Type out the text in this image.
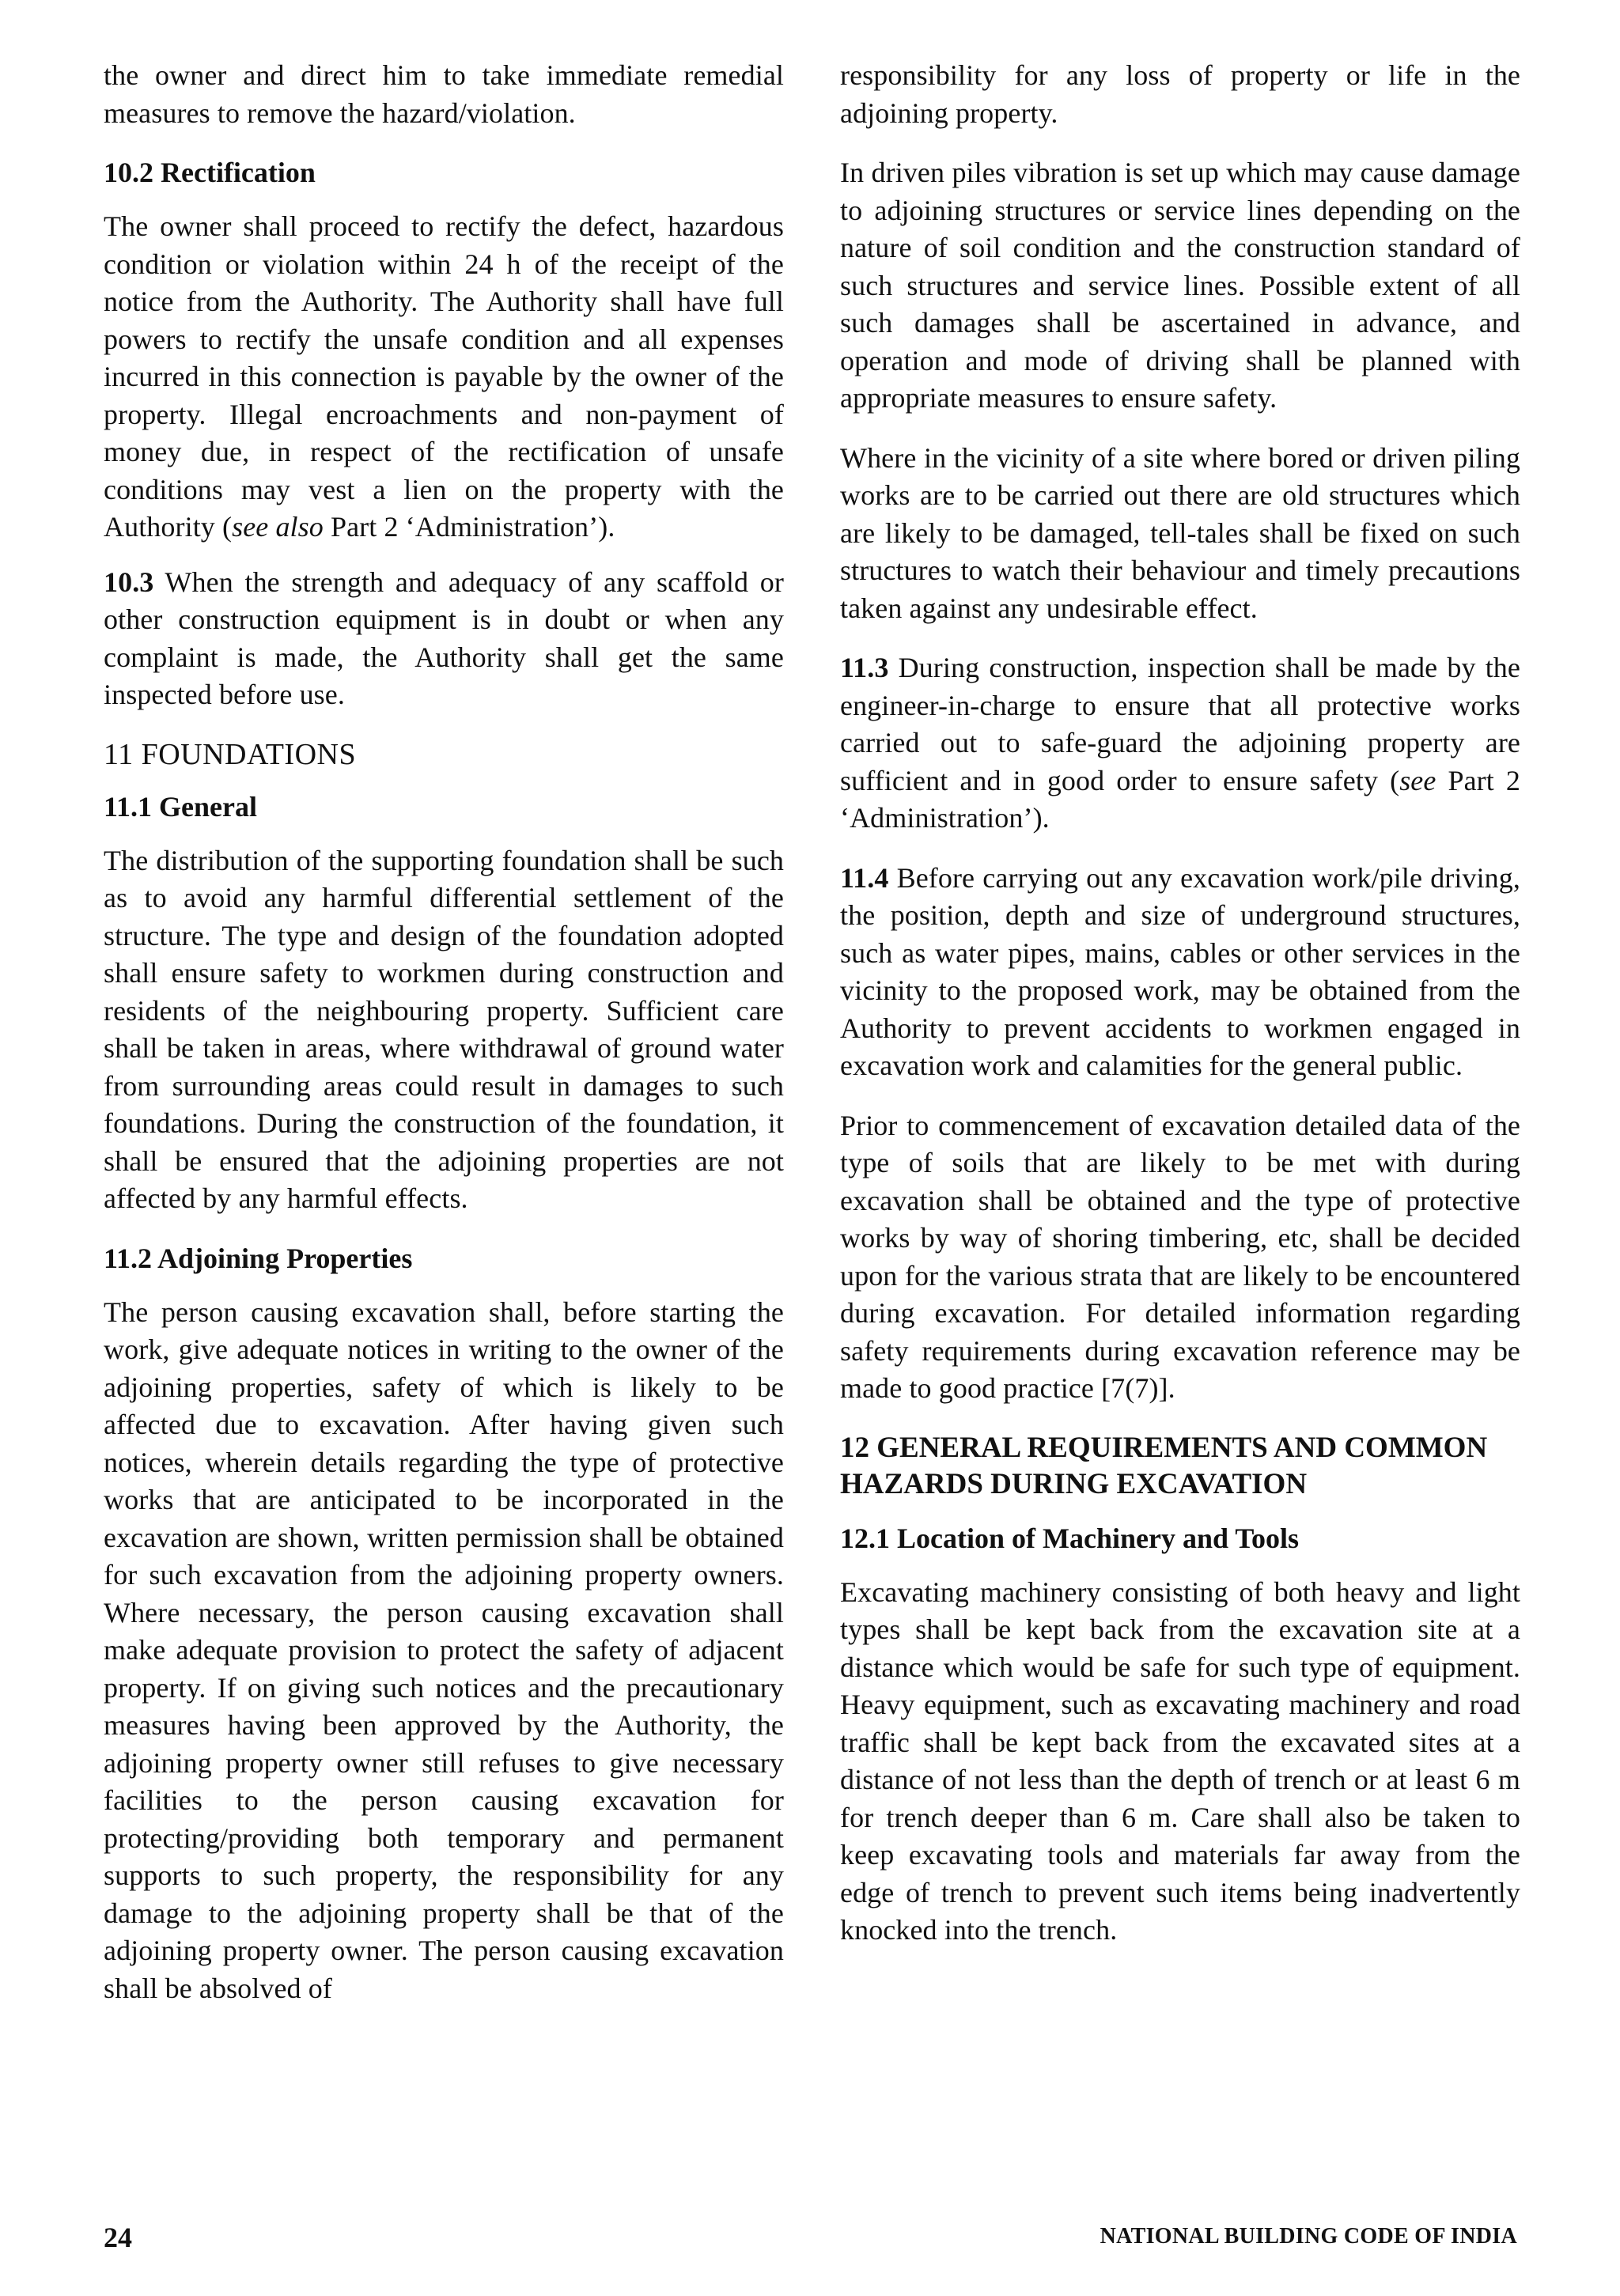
the owner and direct him to take immediate remedial measures to remove the hazard/violation.

10.2 Rectification

The owner shall proceed to rectify the defect, hazardous condition or violation within 24 h of the receipt of the notice from the Authority. The Authority shall have full powers to rectify the unsafe condition and all expenses incurred in this connection is payable by the owner of the property. Illegal encroachments and non-payment of money due, in respect of the rectification of unsafe conditions may vest a lien on the property with the Authority (see also Part 2 ‘Administration’).

10.3 When the strength and adequacy of any scaffold or other construction equipment is in doubt or when any complaint is made, the Authority shall get the same inspected before use.

11 FOUNDATIONS
11.1 General

The distribution of the supporting foundation shall be such as to avoid any harmful differential settlement of the structure. The type and design of the foundation adopted shall ensure safety to workmen during construction and residents of the neighbouring property. Sufficient care shall be taken in areas, where withdrawal of ground water from surrounding areas could result in damages to such foundations. During the construction of the foundation, it shall be ensured that the adjoining properties are not affected by any harmful effects.

11.2 Adjoining Properties

The person causing excavation shall, before starting the work, give adequate notices in writing to the owner of the adjoining properties, safety of which is likely to be affected due to excavation. After having given such notices, wherein details regarding the type of protective works that are anticipated to be incorporated in the excavation are shown, written permission shall be obtained for such excavation from the adjoining property owners. Where necessary, the person causing excavation shall make adequate provision to protect the safety of adjacent property. If on giving such notices and the precautionary measures having been approved by the Authority, the adjoining property owner still refuses to give necessary facilities to the person causing excavation for protecting/providing both temporary and permanent supports to such property, the responsibility for any damage to the adjoining property shall be that of the adjoining property owner. The person causing excavation shall be absolved of

responsibility for any loss of property or life in the adjoining property.

In driven piles vibration is set up which may cause damage to adjoining structures or service lines depending on the nature of soil condition and the construction standard of such structures and service lines. Possible extent of all such damages shall be ascertained in advance, and operation and mode of driving shall be planned with appropriate measures to ensure safety.

Where in the vicinity of a site where bored or driven piling works are to be carried out there are old structures which are likely to be damaged, tell-tales shall be fixed on such structures to watch their behaviour and timely precautions taken against any undesirable effect.

11.3 During construction, inspection shall be made by the engineer-in-charge to ensure that all protective works carried out to safe-guard the adjoining property are sufficient and in good order to ensure safety (see Part 2 ‘Administration’).

11.4 Before carrying out any excavation work/pile driving, the position, depth and size of underground structures, such as water pipes, mains, cables or other services in the vicinity to the proposed work, may be obtained from the Authority to prevent accidents to workmen engaged in excavation work and calamities for the general public.

Prior to commencement of excavation detailed data of the type of soils that are likely to be met with during excavation shall be obtained and the type of protective works by way of shoring timbering, etc, shall be decided upon for the various strata that are likely to be encountered during excavation. For detailed information regarding safety requirements during excavation reference may be made to good practice [7(7)].

12 GENERAL REQUIREMENTS AND COMMON HAZARDS DURING EXCAVATION
12.1 Location of Machinery and Tools

Excavating machinery consisting of both heavy and light types shall be kept back from the excavation site at a distance which would be safe for such type of equipment. Heavy equipment, such as excavating machinery and road traffic shall be kept back from the excavated sites at a distance of not less than the depth of trench or at least 6 m for trench deeper than 6 m. Care shall also be taken to keep excavating tools and materials far away from the edge of trench to prevent such items being inadvertently knocked into the trench.

24	NATIONAL BUILDING CODE OF INDIA
